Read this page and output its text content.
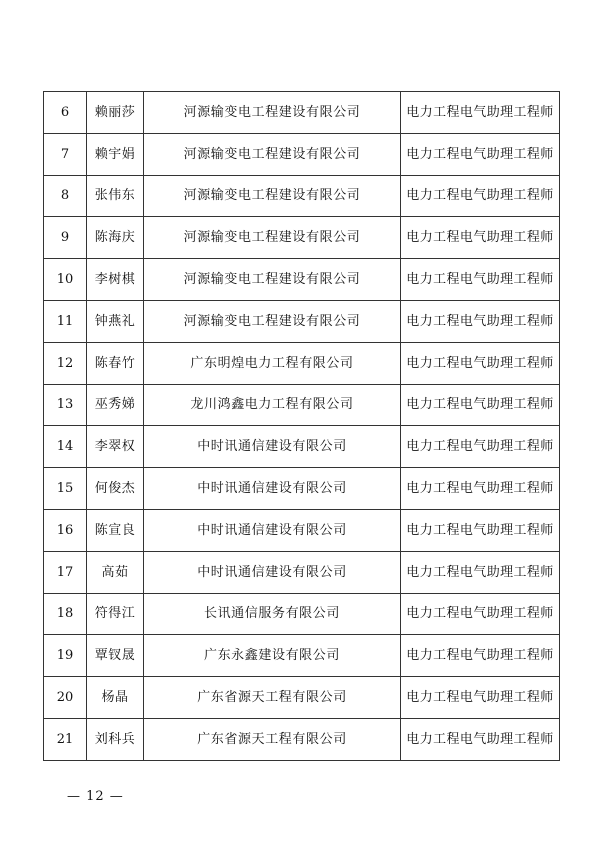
6	赖丽莎	河源输变电工程建设有限公司	电力工程电气助理工程师
7	赖宇娟	河源输变电工程建设有限公司	电力工程电气助理工程师
8	张伟东	河源输变电工程建设有限公司	电力工程电气助理工程师
9	陈海庆	河源输变电工程建设有限公司	电力工程电气助理工程师
10	李树棋	河源输变电工程建设有限公司	电力工程电气助理工程师
11	钟燕礼	河源输变电工程建设有限公司	电力工程电气助理工程师
12	陈春竹	广东明煌电力工程有限公司	电力工程电气助理工程师
13	巫秀娣	龙川鸿鑫电力工程有限公司	电力工程电气助理工程师
14	李翠权	中时讯通信建设有限公司	电力工程电气助理工程师
15	何俊杰	中时讯通信建设有限公司	电力工程电气助理工程师
16	陈宣良	中时讯通信建设有限公司	电力工程电气助理工程师
17	高茹	中时讯通信建设有限公司	电力工程电气助理工程师
18	符得江	长讯通信服务有限公司	电力工程电气助理工程师
19	覃钗晟	广东永鑫建设有限公司	电力工程电气助理工程师
20	杨晶	广东省源天工程有限公司	电力工程电气助理工程师
21	刘科兵	广东省源天工程有限公司	电力工程电气助理工程师
— 12 —
